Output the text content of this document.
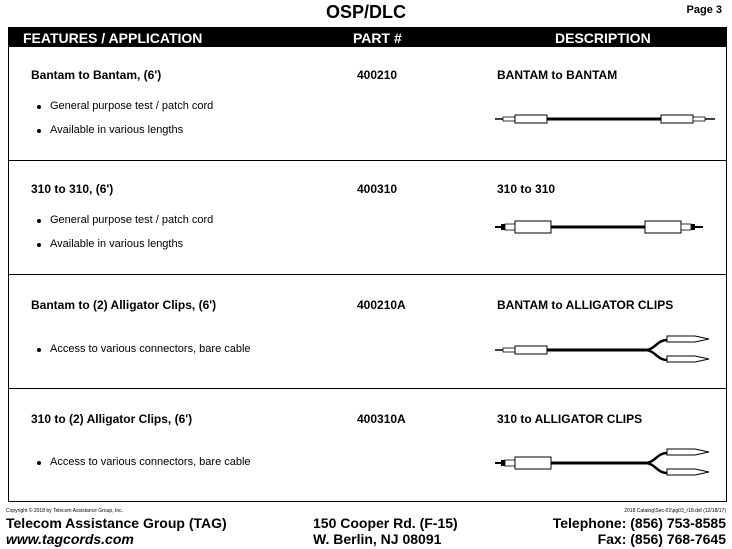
OSP/DLC	Page 3
FEATURES / APPLICATION	PART #	DESCRIPTION
Bantam to Bantam, (6')	400210	BANTAM to BANTAM
General purpose test / patch cord
Available in various lengths
310 to 310, (6')	400310	310 to 310
General purpose test / patch cord
Available in various lengths
Bantam to (2) Alligator Clips, (6')	400210A	BANTAM to ALLIGATOR CLIPS
Access to various connectors, bare cable
310 to (2) Alligator Clips, (6')	400310A	310 to ALLIGATOR CLIPS
Access to various connectors, bare cable
Copyright © 2018 by Telecom Assistance Group, Inc.	2018 Catalog\Sec-01\pg03_r18.dsf (12/18/17)
Telecom Assistance Group (TAG)
www.tagcords.com
150 Cooper Rd. (F-15)
W. Berlin, NJ 08091
Telephone: (856) 753-8585
Fax: (856) 768-7645
